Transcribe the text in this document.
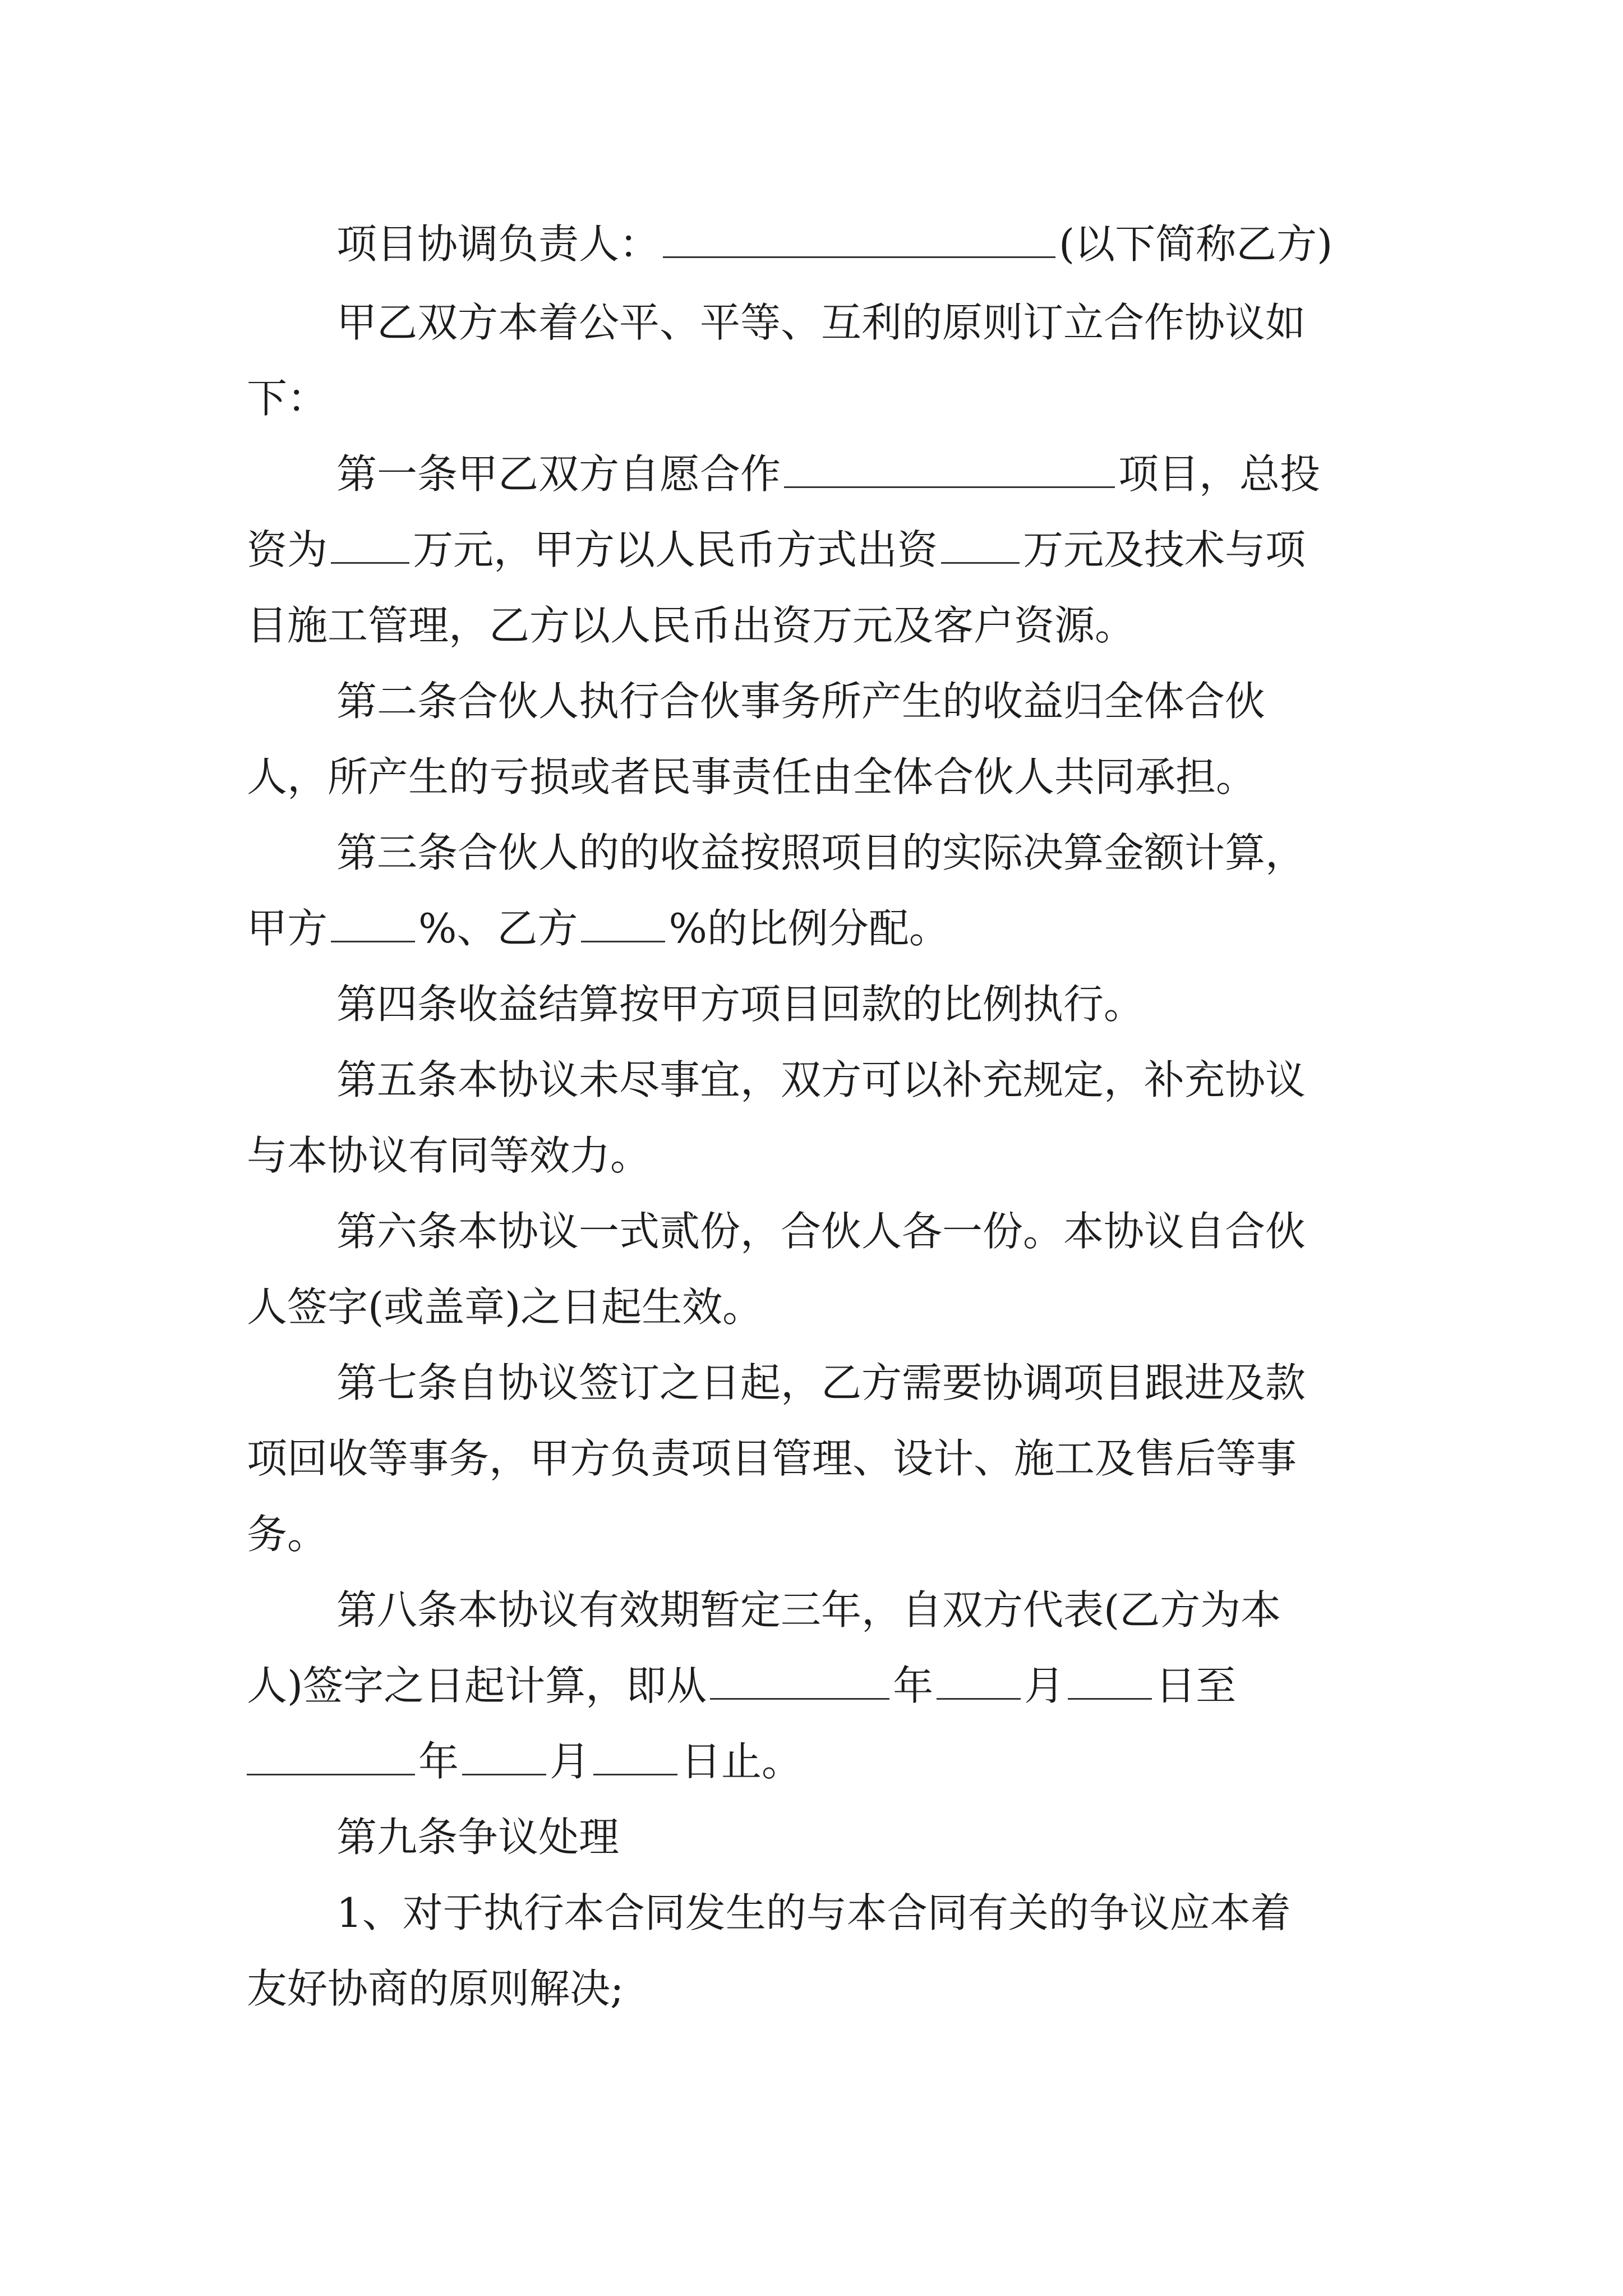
项目协调负责人：	(以下简称乙方)
甲乙双方本着公平、平等、互利的原则订立合作协议如
下：
第一条甲乙双方自愿合作	项目，总投
资为 万元，甲方以人民币方式出资 万元及技术与项
目施工管理，乙方以人民币出资万元及客户资源。
第二条合伙人执行合伙事务所产生的收益归全体合伙
人，所产生的亏损或者民事责任由全体合伙人共同承担。
第三条合伙人的的收益按照项目的实际决算金额计算，
甲方 %、乙方 %的比例分配。
第四条收益结算按甲方项目回款的比例执行。
第五条本协议未尽事宜，双方可以补充规定，补充协议
与本协议有同等效力。
第六条本协议一式贰份，合伙人各一份。本协议自合伙
人签字(或盖章)之日起生效。
第七条自协议签订之日起，乙方需要协调项目跟进及款
项回收等事务，甲方负责项目管理、设计、施工及售后等事
务。
第八条本协议有效期暂定三年，自双方代表(乙方为本
人)签字之日起计算，即从	年 月 日至
年 月 日止。
第九条争议处理
1、对于执行本合同发生的与本合同有关的争议应本着
友好协商的原则解决;
